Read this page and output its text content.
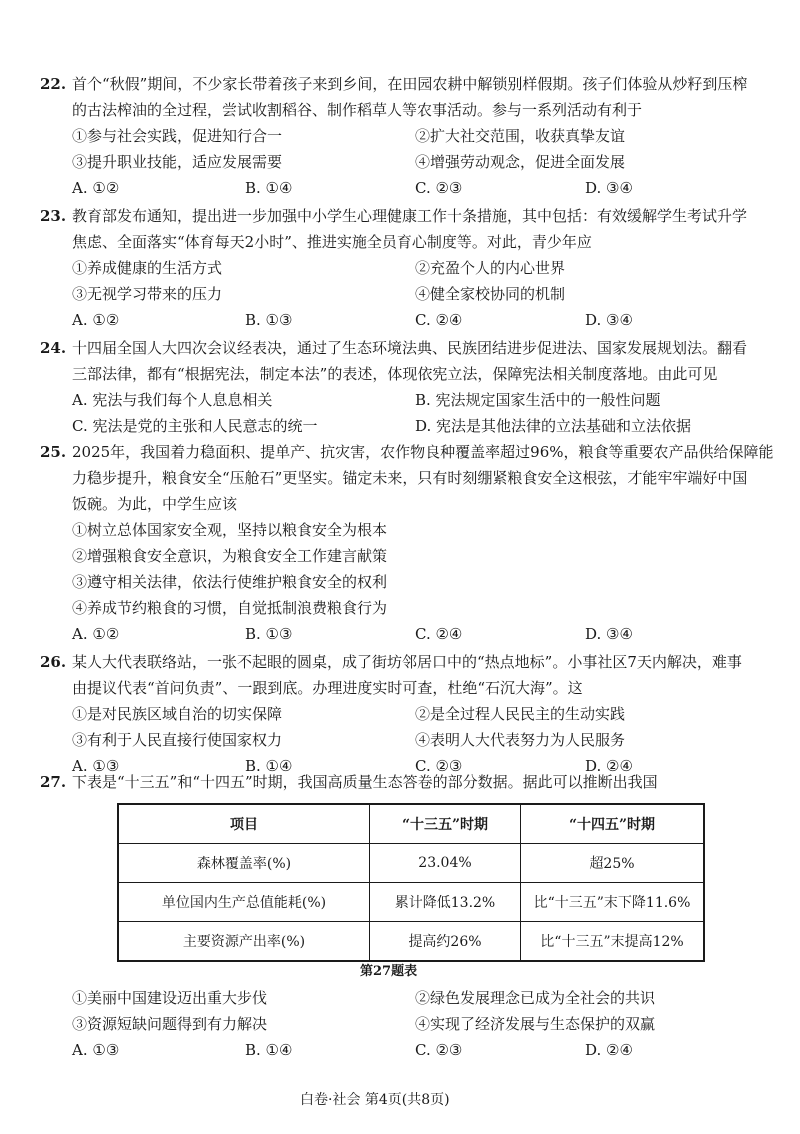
22. 首个“秋假”期间，不少家长带着孩子来到乡间，在田园农耕中解锁别样假期。孩子们体验从炒籽到压榨
的古法榨油的全过程，尝试收割稻谷、制作稻草人等农事活动。参与一系列活动有利于
①参与社会实践，促进知行合一	②扩大社交范围，收获真挚友谊
③提升职业技能，适应发展需要	④增强劳动观念，促进全面发展
A. ①②	B. ①④	C. ②③	D. ③④
23. 教育部发布通知，提出进一步加强中小学生心理健康工作十条措施，其中包括：有效缓解学生考试升学
焦虑、全面落实“体育每天2小时”、推进实施全员育心制度等。对此，青少年应
①养成健康的生活方式	②充盈个人的内心世界
③无视学习带来的压力	④健全家校协同的机制
A. ①②	B. ①③	C. ②④	D. ③④
24. 十四届全国人大四次会议经表决，通过了生态环境法典、民族团结进步促进法、国家发展规划法。翻看
三部法律，都有“根据宪法，制定本法”的表述，体现依宪立法，保障宪法相关制度落地。由此可见
A. 宪法与我们每个人息息相关	B. 宪法规定国家生活中的一般性问题
C. 宪法是党的主张和人民意志的统一	D. 宪法是其他法律的立法基础和立法依据
25. 2025年，我国着力稳面积、提单产、抗灾害，农作物良种覆盖率超过96%，粮食等重要农产品供给保障能
力稳步提升，粮食安全“压舱石”更坚实。锚定未来，只有时刻绷紧粮食安全这根弦，才能牢牢端好中国
饭碗。为此，中学生应该
①树立总体国家安全观，坚持以粮食安全为根本
②增强粮食安全意识，为粮食安全工作建言献策
③遵守相关法律，依法行使维护粮食安全的权利
④养成节约粮食的习惯，自觉抵制浪费粮食行为
A. ①②	B. ①③	C. ②④	D. ③④
26. 某人大代表联络站，一张不起眼的圆桌，成了街坊邻居口中的“热点地标”。小事社区7天内解决，难事
由提议代表“首问负责”、一跟到底。办理进度实时可查，杜绝“石沉大海”。这
①是对民族区域自治的切实保障	②是全过程人民民主的生动实践
③有利于人民直接行使国家权力	④表明人大代表努力为人民服务
A. ①③	B. ①④	C. ②③	D. ②④
27. 下表是“十三五”和“十四五”时期，我国高质量生态答卷的部分数据。据此可以推断出我国
项目	“十三五”时期	“十四五”时期
森林覆盖率(%)	23.04%	超25%
单位国内生产总值能耗(%)	累计降低13.2%	比“十三五”末下降11.6%
主要资源产出率(%)	提高约26%	比“十三五”末提高12%
第27题表
①美丽中国建设迈出重大步伐	②绿色发展理念已成为全社会的共识
③资源短缺问题得到有力解决	④实现了经济发展与生态保护的双赢
A. ①③	B. ①④	C. ②③	D. ②④
白卷·社会 第4页(共8页)
